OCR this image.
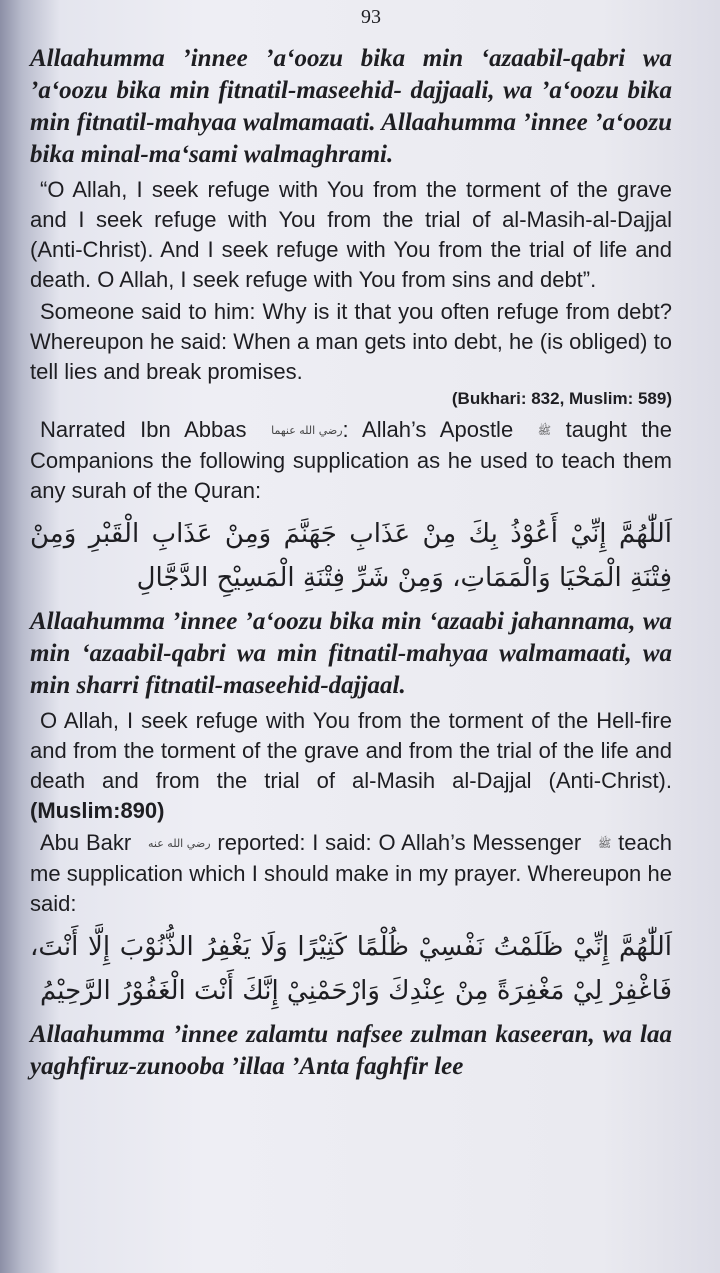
93

Allaahumma ’innee ’a‘oozu bika min ‘azaabil-qabri wa ’a‘oozu bika min fitnatil-maseehid- dajjaali, wa ’a‘oozu bika min fitnatil-mahyaa walmamaati. Allaahumma ’innee ’a‘oozu bika minal-ma‘sami walmaghrami.

“O Allah, I seek refuge with You from the torment of the grave and I seek refuge with You from the trial of al-Masih-al-Dajjal (Anti-Christ). And I seek refuge with You from the trial of life and death. O Allah, I seek refuge with You from sins and debt”.

Someone said to him: Why is it that you often refuge from debt? Whereupon he said: When a man gets into debt, he (is obliged) to tell lies and break promises.

(Bukhari: 832, Muslim: 589)

Narrated Ibn Abbas رضي الله عنهما: Allah’s Apostle ﷺ taught the Companions the following supplication as he used to teach them any surah of the Quran:

اَللّٰهُمَّ إِنِّيْ أَعُوْذُ بِكَ مِنْ عَذَابِ جَهَنَّمَ وَمِنْ عَذَابِ الْقَبْرِ وَمِنْ فِتْنَةِ الْمَحْيَا وَالْمَمَاتِ، وَمِنْ شَرِّ فِتْنَةِ الْمَسِيْحِ الدَّجَّالِ

Allaahumma ’innee ’a‘oozu bika min ‘azaabi jahannama, wa min ‘azaabil-qabri wa min fitnatil-mahyaa walmamaati, wa min sharri fitnatil-maseehid-dajjaal.

O Allah, I seek refuge with You from the torment of the Hell-fire and from the torment of the grave and from the trial of the life and death and from the trial of al-Masih al-Dajjal (Anti-Christ).(Muslim:890)

Abu Bakr رضي الله عنه reported: I said: O Allah’s Messenger ﷺ teach me supplication which I should make in my prayer. Whereupon he said:

اَللّٰهُمَّ إِنِّيْ ظَلَمْتُ نَفْسِيْ ظُلْمًا كَثِيْرًا وَلَا يَغْفِرُ الذُّنُوْبَ إِلَّا أَنْتَ، فَاغْفِرْ لِيْ مَغْفِرَةً مِنْ عِنْدِكَ وَارْحَمْنِيْ إِنَّكَ أَنْتَ الْغَفُوْرُ الرَّحِيْمُ

Allaahumma ’innee zalamtu nafsee zulman kaseeran, wa laa yaghfiruz-zunooba ’illaa ’Anta faghfir lee
